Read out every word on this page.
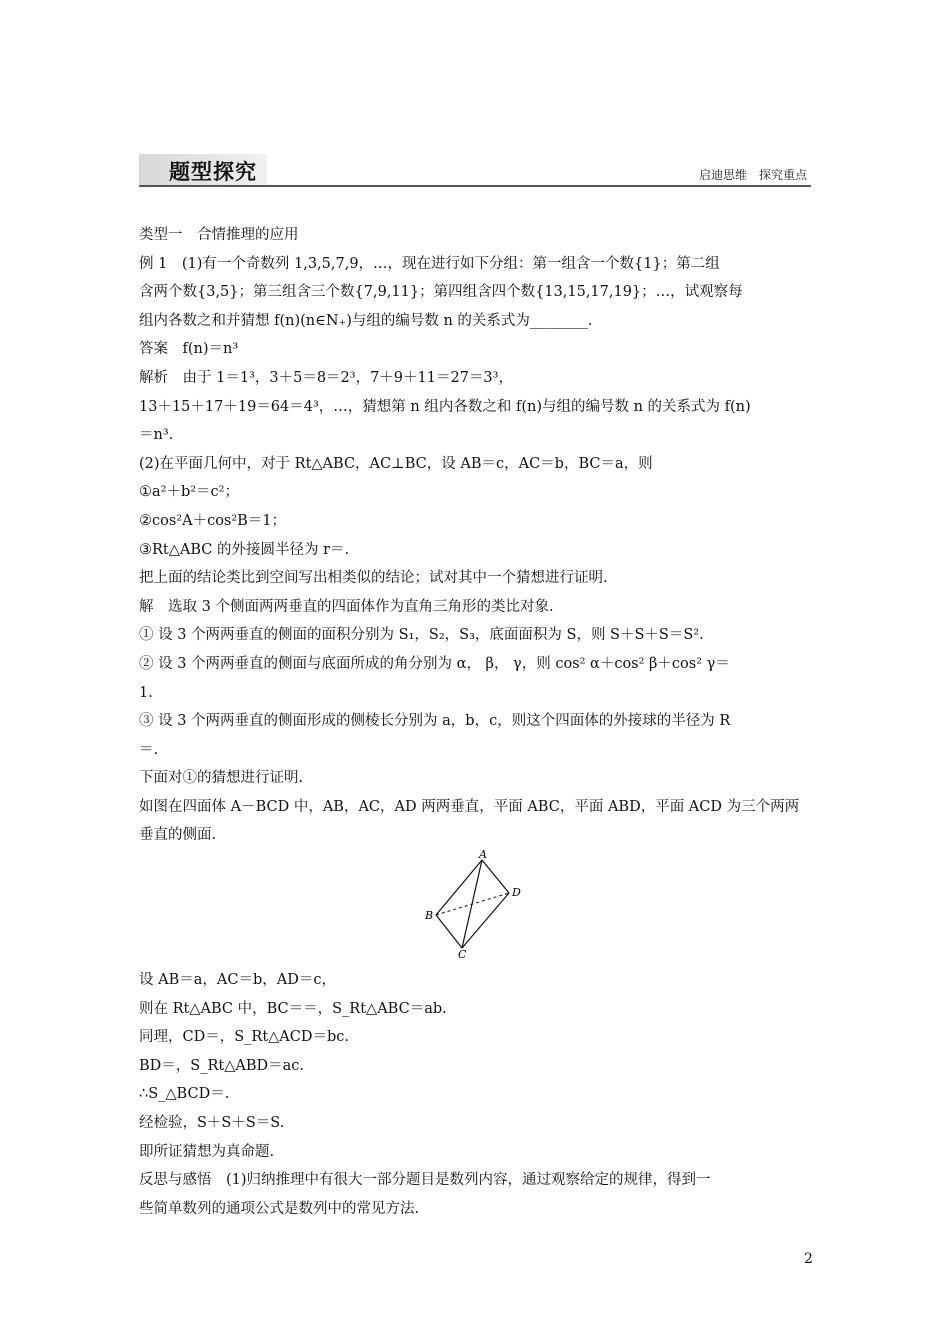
题型探究	启迪思维　探究重点
类型一　合情推理的应用
例 1　(1)有一个奇数列 1,3,5,7,9，…，现在进行如下分组：第一组含一个数{1}；第二组
含两个数{3,5}；第三组含三个数{7,9,11}；第四组含四个数{13,15,17,19}；…，试观察每
组内各数之和并猜想 f(n)(n∈N₊)与组的编号数 n 的关系式为________.
答案　f(n)＝n³
解析　由于 1＝1³，3＋5＝8＝2³，7＋9＋11＝27＝3³，
13＋15＋17＋19＝64＝4³，…，猜想第 n 组内各数之和 f(n)与组的编号数 n 的关系式为 f(n)
＝n³.
(2)在平面几何中，对于 Rt△ABC，AC⊥BC，设 AB＝c，AC＝b，BC＝a，则
①a²＋b²＝c²；
②cos²A＋cos²B＝1；
③Rt△ABC 的外接圆半径为 r＝.
把上面的结论类比到空间写出相类似的结论；试对其中一个猜想进行证明.
解　选取 3 个侧面两两垂直的四面体作为直角三角形的类比对象.
① 设 3 个两两垂直的侧面的面积分别为 S₁，S₂，S₃，底面面积为 S，则 S＋S＋S＝S².
② 设 3 个两两垂直的侧面与底面所成的角分别为 α， β， γ，则 cos² α＋cos² β＋cos² γ＝
1.
③ 设 3 个两两垂直的侧面形成的侧棱长分别为 a，b，c，则这个四面体的外接球的半径为 R
＝.
下面对①的猜想进行证明.
如图在四面体 A－BCD 中，AB，AC，AD 两两垂直，平面 ABC，平面 ABD，平面 ACD 为三个两两
垂直的侧面.
A
D
B
C
设 AB＝a，AC＝b，AD＝c，
则在 Rt△ABC 中，BC＝＝，S_Rt△ABC＝ab.
同理，CD＝，S_Rt△ACD＝bc.
BD＝，S_Rt△ABD＝ac.
∴S_△BCD＝.
经检验，S＋S＋S＝S.
即所证猜想为真命题.
反思与感悟　(1)归纳推理中有很大一部分题目是数列内容，通过观察给定的规律，得到一
些简单数列的通项公式是数列中的常见方法.
2
